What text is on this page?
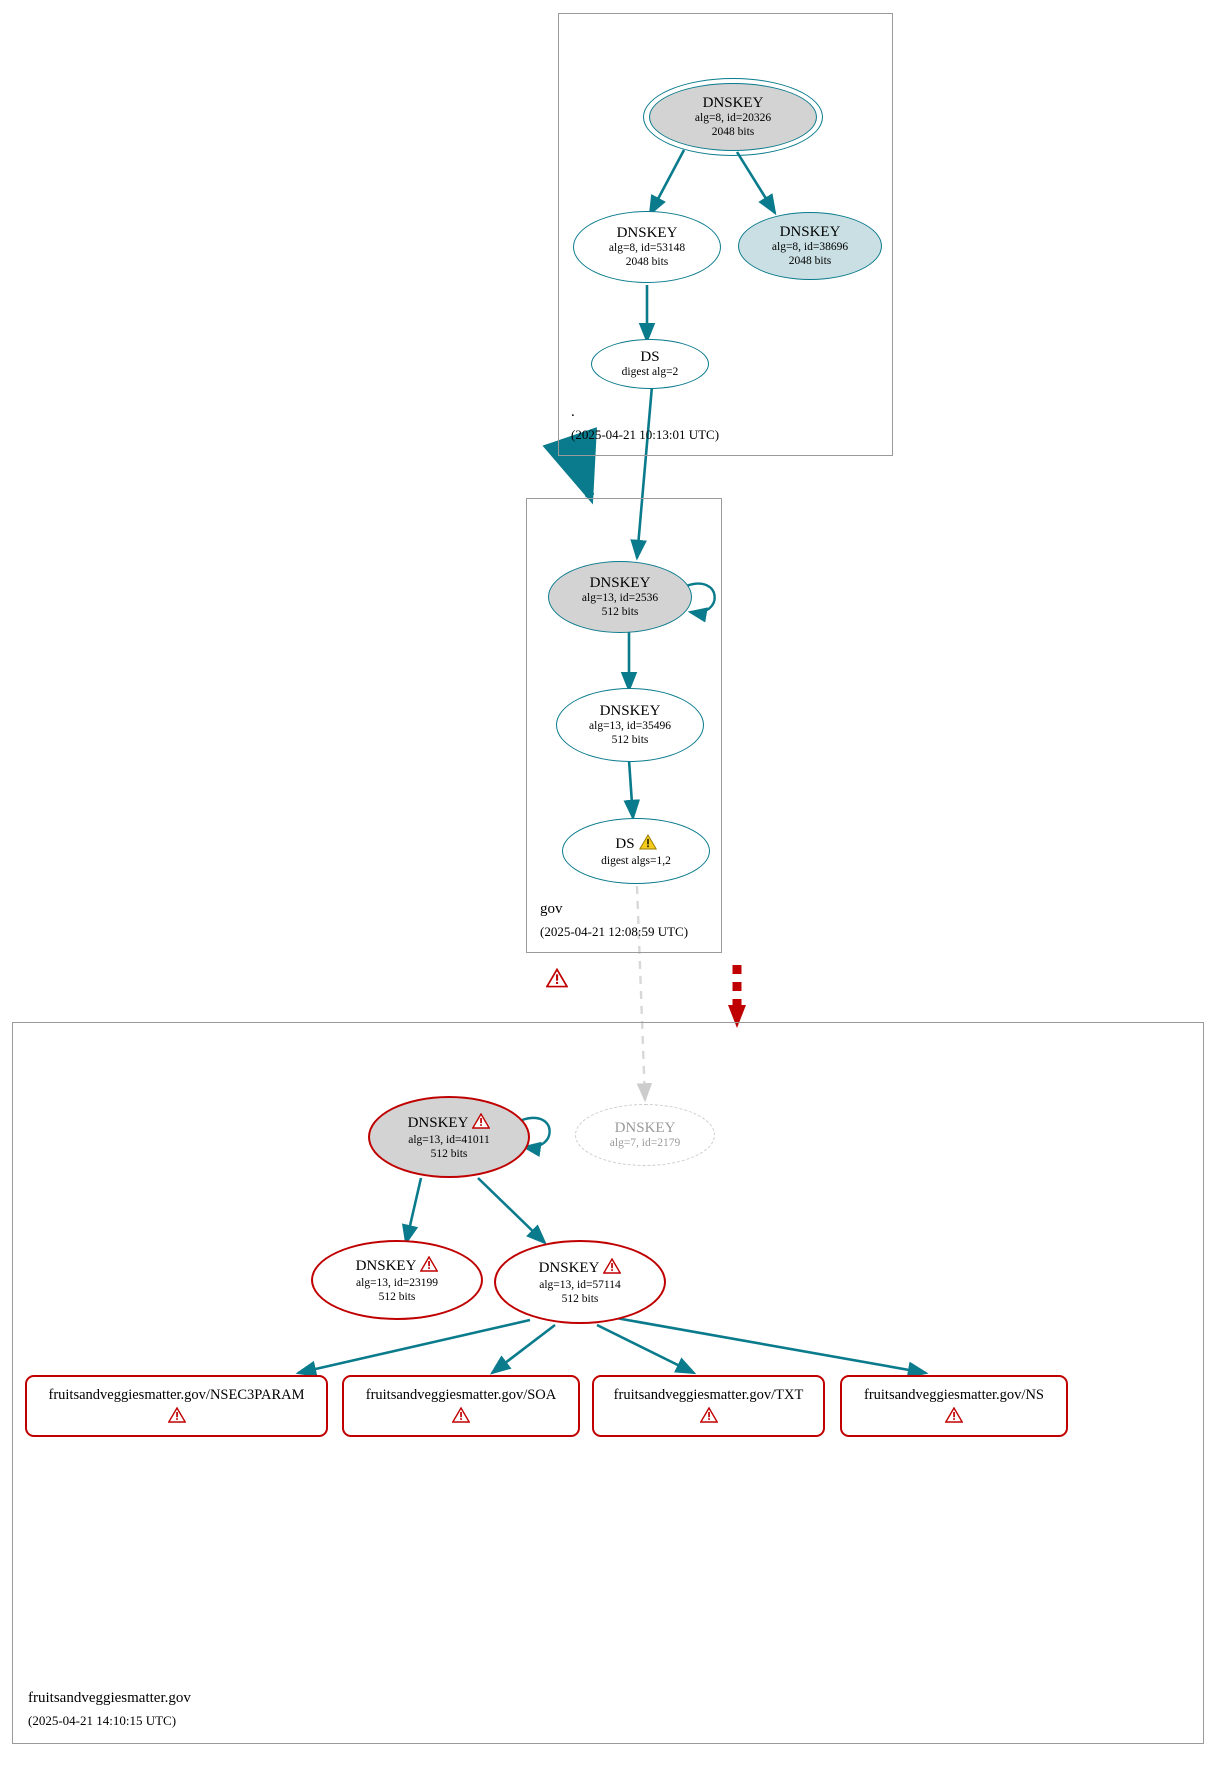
.
(2025-04-21 10:13:01 UTC)
gov
(2025-04-21 12:08:59 UTC)
fruitsandveggiesmatter.gov
(2025-04-21 14:10:15 UTC)
DNSKEY
alg=8, id=20326
2048 bits
DNSKEY
alg=8, id=53148
2048 bits
DNSKEY
alg=8, id=38696
2048 bits
DS
digest alg=2
DNSKEY
alg=13, id=2536
512 bits
DNSKEY
alg=13, id=35496
512 bits
DS
digest algs=1,2
DNSKEY
alg=13, id=41011
512 bits
DNSKEY
alg=7, id=2179
DNSKEY
alg=13, id=23199
512 bits
DNSKEY
alg=13, id=57114
512 bits
fruitsandveggiesmatter.gov/NSEC3PARAM	fruitsandveggiesmatter.gov/SOA	fruitsandveggiesmatter.gov/TXT	fruitsandveggiesmatter.gov/NS
